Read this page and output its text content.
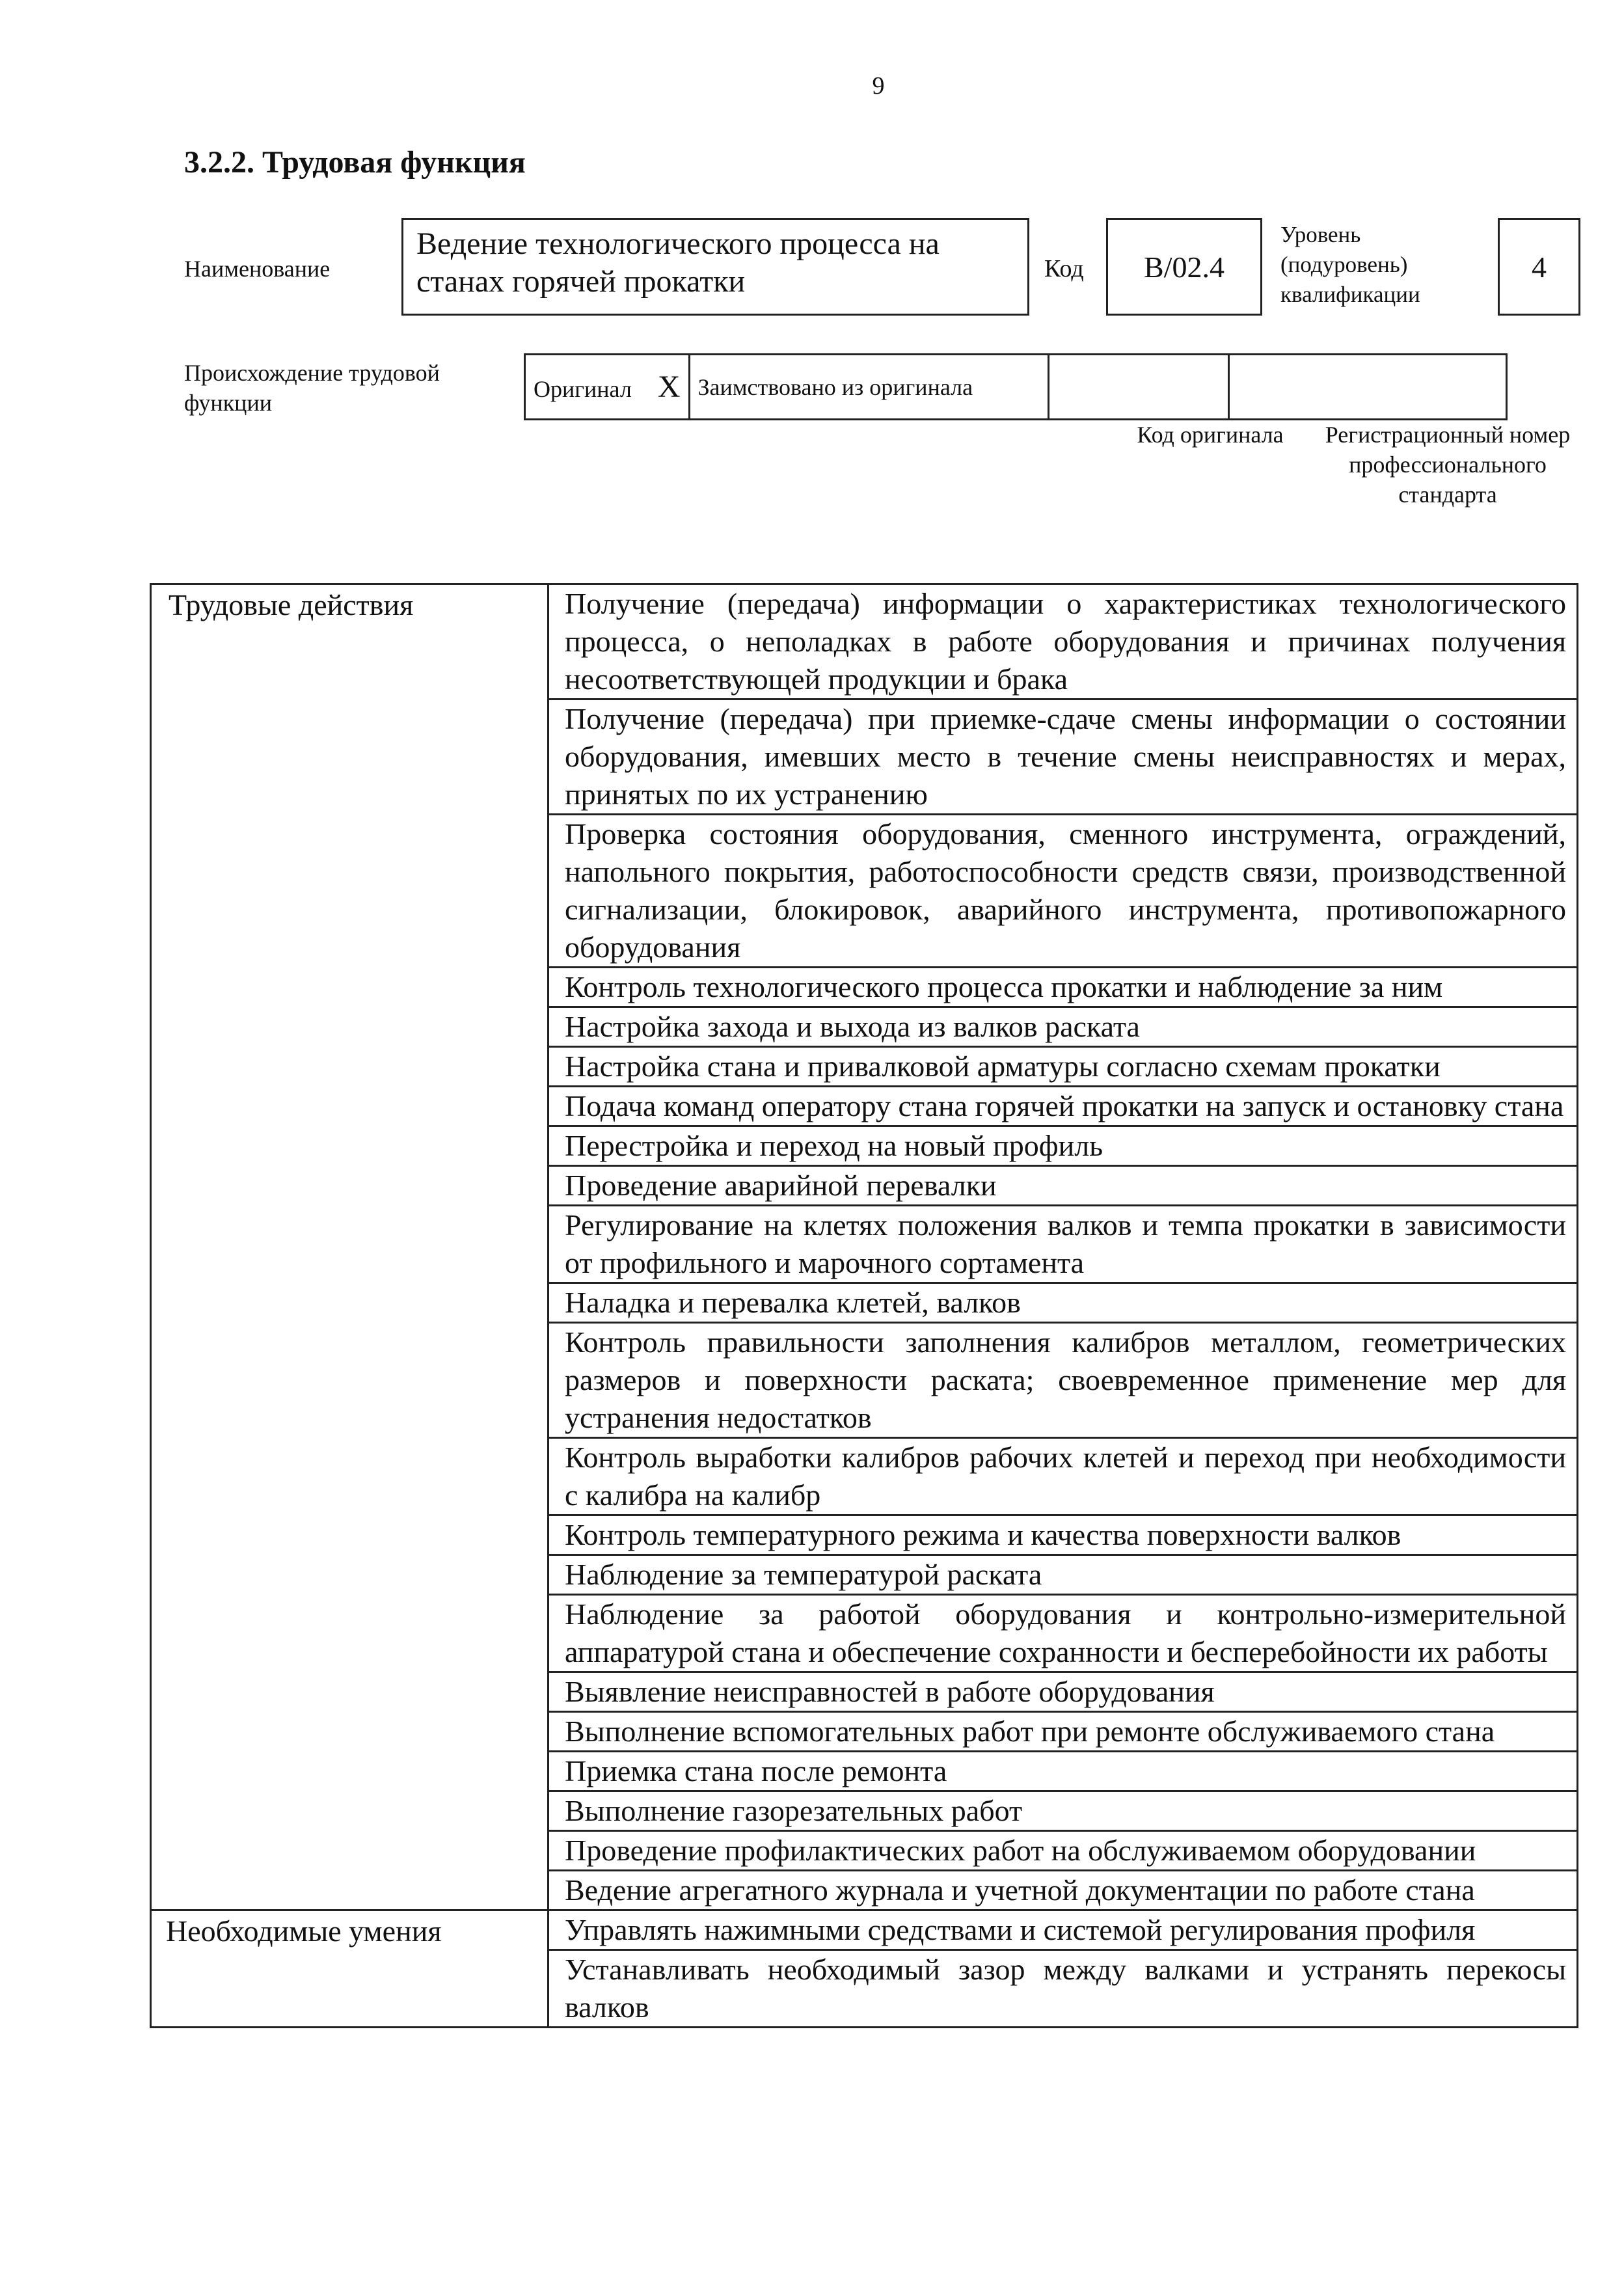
9
3.2.2. Трудовая функция
Наименование
Ведение технологического процесса на станах горячей прокатки	Код	B/02.4
Уровень (подуровень) квалификации
4
Происхождение трудовой функции
Оригинал X	Заимствовано из оригинала		
Код оригинала	Регистрационный номер профессионального стандарта
Трудовые действия	Получение (передача) информации о характеристиках технологического процесса, о неполадках в работе оборудования и причинах получения несоответствующей продукции и брака
	Получение (передача) при приемке-сдаче смены информации о состоянии оборудования, имевших место в течение смены неисправностях и мерах, принятых по их устранению
	Проверка состояния оборудования, сменного инструмента, ограждений, напольного покрытия, работоспособности средств связи, производственной сигнализации, блокировок, аварийного инструмента, противопожарного оборудования
	Контроль технологического процесса прокатки и наблюдение за ним
	Настройка захода и выхода из валков раската
	Настройка стана и привалковой арматуры согласно схемам прокатки
	Подача команд оператору стана горячей прокатки на запуск и остановку стана
	Перестройка и переход на новый профиль
	Проведение аварийной перевалки
	Регулирование на клетях положения валков и темпа прокатки в зависимости от профильного и марочного сортамента
	Наладка и перевалка клетей, валков
	Контроль правильности заполнения калибров металлом, геометрических размеров и поверхности раската; своевременное применение мер для устранения недостатков
	Контроль выработки калибров рабочих клетей и переход при необходимости с калибра на калибр
	Контроль температурного режима и качества поверхности валков
	Наблюдение за температурой раската
	Наблюдение за работой оборудования и контрольно-измерительной аппаратурой стана и обеспечение сохранности и бесперебойности их работы
	Выявление неисправностей в работе оборудования
	Выполнение вспомогательных работ при ремонте обслуживаемого стана
	Приемка стана после ремонта
	Выполнение газорезательных работ
	Проведение профилактических работ на обслуживаемом оборудовании
	Ведение агрегатного журнала и учетной документации по работе стана
Необходимые умения	Управлять нажимными средствами и системой регулирования профиля
	Устанавливать необходимый зазор между валками и устранять перекосы валков
